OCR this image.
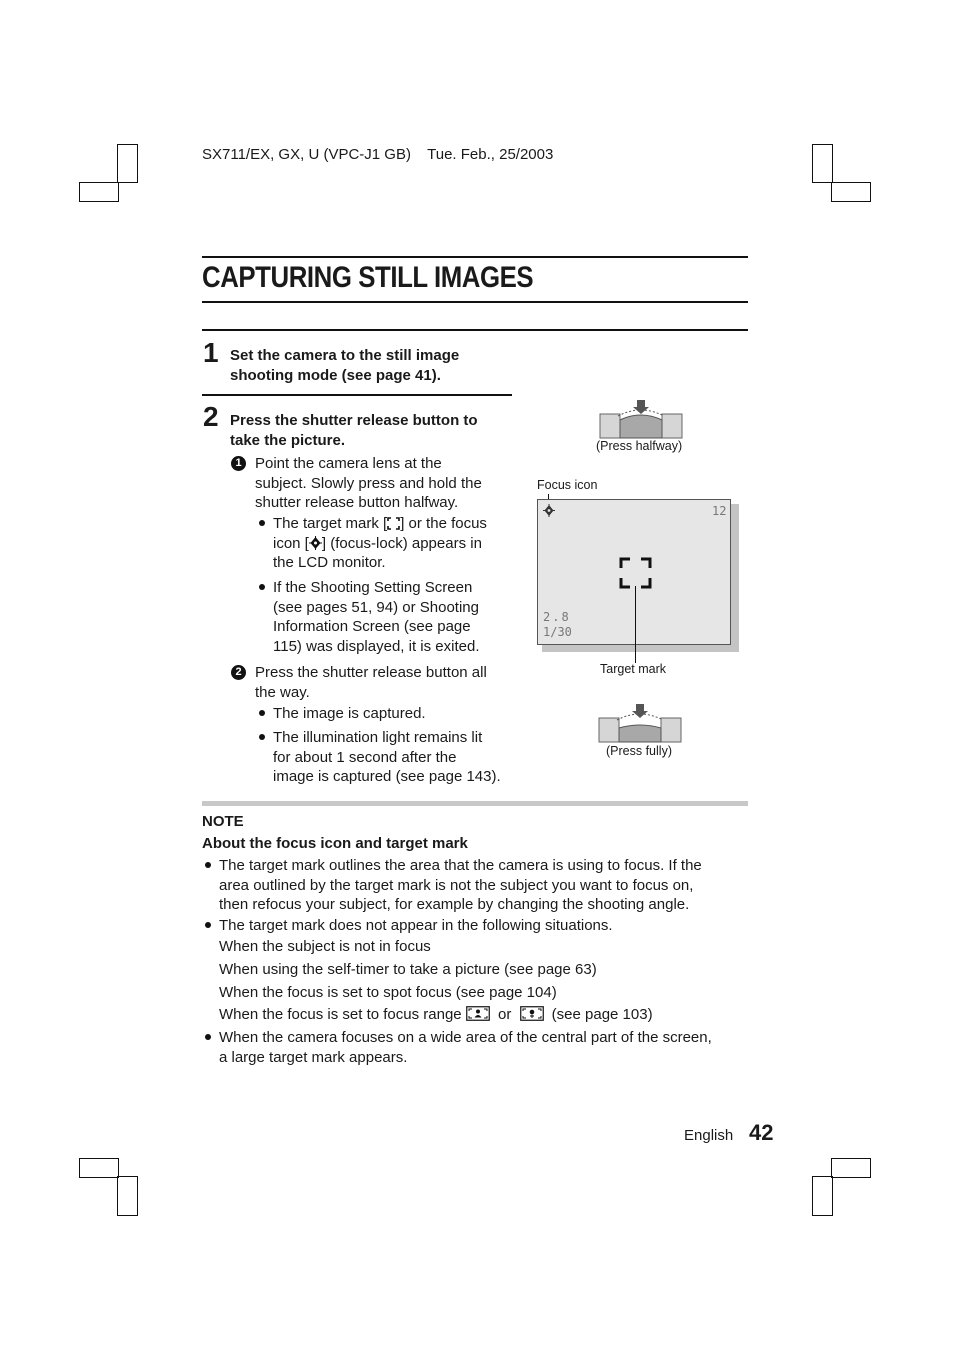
SX711/EX, GX, U (VPC-J1 GB) Tue. Feb., 25/2003
CAPTURING STILL IMAGES
1 Set the camera to the still image
shooting mode (see page 41).
2 Press the shutter release button to
take the picture.
1 Point the camera lens at the
subject. Slowly press and hold the
shutter release button halfway.
The target mark [ ] or the focus
icon [ ] (focus-lock) appears in
the LCD monitor.
If the Shooting Setting Screen
(see pages 51, 94) or Shooting
Information Screen (see page
115) was displayed, it is exited.
2 Press the shutter release button all
the way.
The image is captured.
The illumination light remains lit
for about 1 second after the
image is captured (see page 143).
(Press halfway)
Focus icon
12
2.8
1/30
Target mark
(Press fully)
NOTE
About the focus icon and target mark
The target mark outlines the area that the camera is using to focus. If the
area outlined by the target mark is not the subject you want to focus on,
then refocus your subject, for example by changing the shooting angle.
The target mark does not appear in the following situations.
When the subject is not in focus
When using the self-timer to take a picture (see page 63)
When the focus is set to spot focus (see page 104)
When the focus is set to focus range or	(see page 103)
When the camera focuses on a wide area of the central part of the screen,
a large target mark appears.
English 42
